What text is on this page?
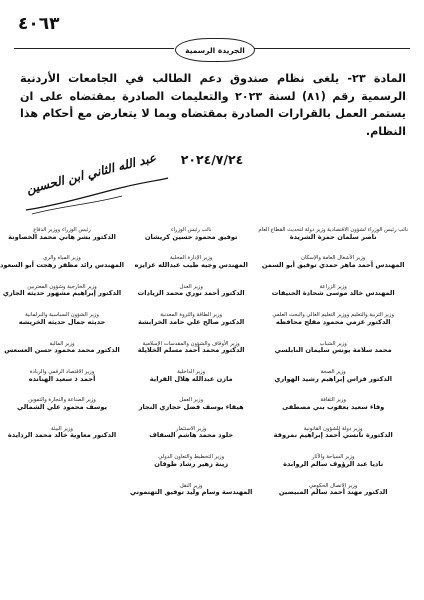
٤٠٦٣
الجريدة الرسمية
المادة ٢٣- يلغى نظام صندوق دعم الطالب في الجامعات الأردنية الرسمية رقم (٨١) لسنة ٢٠٢٣ والتعليمات الصادرة بمقتضاه على ان يستمر العمل بالقرارات الصادرة بمقتضاه وبما لا يتعارض مع أحكام هذا النظام.
٢٠٢٤/٧/٢٤
عبد الله الثاني ابن الحسين
نائب رئيس الوزراء لشؤون الاقتصادية وزير دولة لتحديث القطاع العام
ناصر سلمان حمزة الشريدة
نائب رئيس الوزراء
توفيق محمود حسين كريشان
رئيس الوزراء ووزير الدفاع
الدكتور بشر هاني محمد الخصاونة
وزير الأشغال العامة والإسكان
المهندس أحمد ماهر حمدي توفيق أبو السمن
وزير الإدارة المحلية
المهندس وجيه طيب عبدالله عزايزه
وزير المياه والري
المهندس رائد مظفر رهجت أبو السعود
وزير الزراعة
المهندس خالد موسى شحادة الحنيفات
وزير العدل
الدكتور أحمد نوري محمد الزيادات
وزير الخارجية وشؤون المغتربين
الدكتور إبراهيم مشهور حديثه الجازي
وزير التربية والتعليم ووزير التعليم العالي والبحث العلمي
الدكتور عزمي محمود مفلح محافظه
وزير الطاقة والثروة المعدنية
الدكتور صالح علي حامد الخرابشة
وزير الشؤون السياسية والبرلمانية
حديثه جمال حديثه الخريشه
وزير الشباب
محمد سلامة يونس سليمان النابلسي
وزير الأوقاف والشؤون والمقدسات الإسلامية
الدكتور محمد أحمد مسلم الخلايلة
وزير المالية
الدكتور محمد محمود حسن العسعس
وزير الصحة
الدكتور فراس إبراهيم رشيد الهواري
وزير الداخلية
مازن عبدالله هلال الفراية
وزير الاقتصاد الرقمي والريادة
أحمد ذ سعيد الهنانده
وزير الثقافة
وفاء سعيد يعقوب بني مصطفى
وزير العمل
هيفاء يوسف فضل حجازي النجار
وزير الصناعة والتجارة والتموين
يوسف محمود علي الشمالي
وزير دولة للشؤون القانونية
الدكتورة نانسي أحمد إبراهيم نمروقة
وزير الاستثمار
خلود محمد هاشم السقاف
وزير البيئة
الدكتور معاوية خالد محمد الردايدة
وزير السياحة والآثار
ناديا عبد الرؤوف سالم الروابدة
وزير التخطيط والتعاون الدولي
زينة زهير رشاد طوقان
وزير الاتصال الحكومي
الدكتور مهند أحمد سالم المبيضين
وزير النقل
المهندسة وسام وليد توفيق التهتموني
